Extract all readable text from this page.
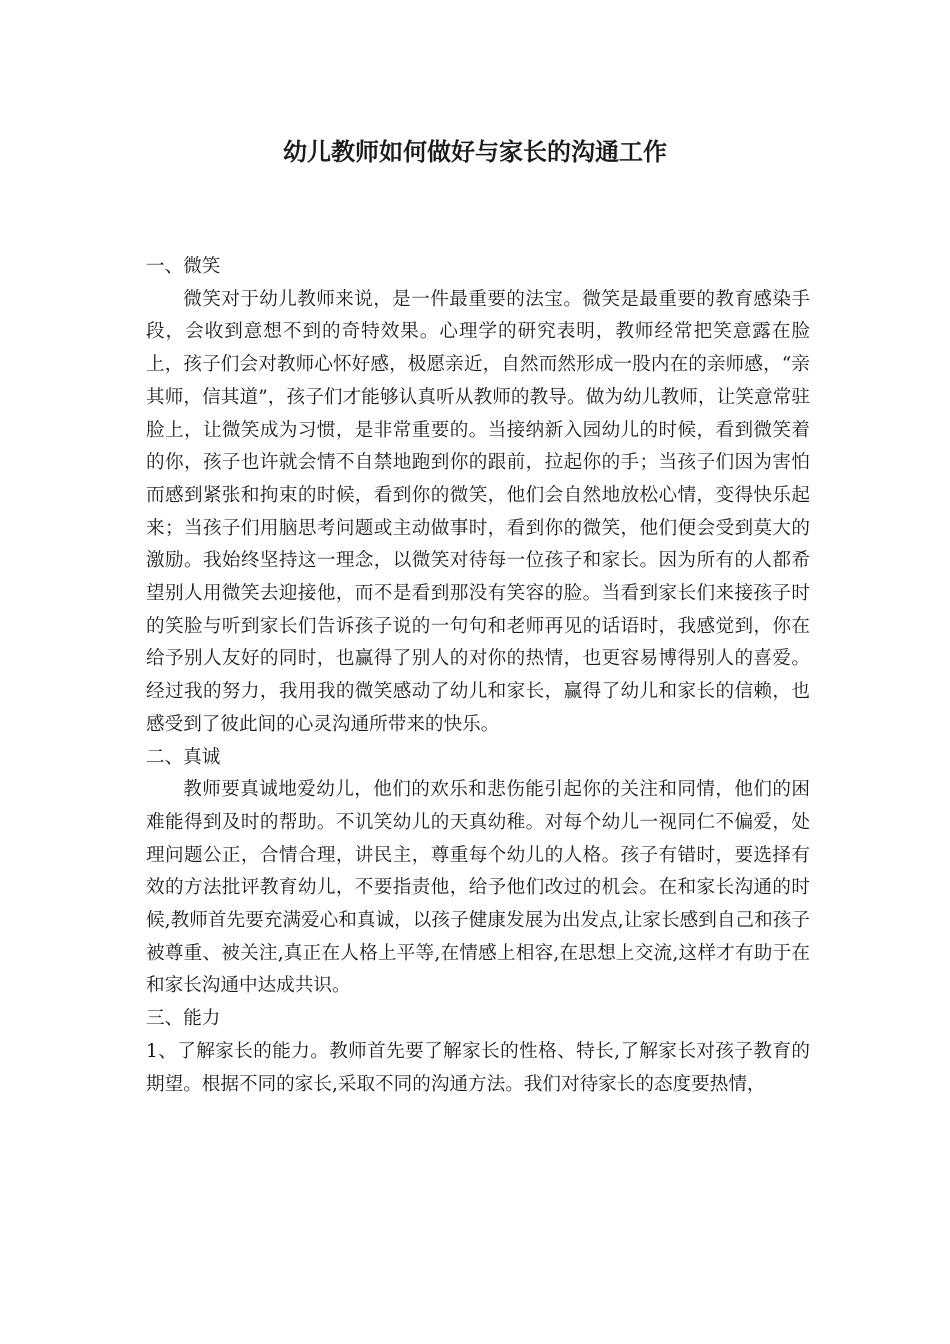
幼儿教师如何做好与家长的沟通工作

一、微笑

微笑对于幼儿教师来说，是一件最重要的法宝。微笑是最重要的教育感染手段，会收到意想不到的奇特效果。心理学的研究表明，教师经常把笑意露在脸上，孩子们会对教师心怀好感，极愿亲近，自然而然形成一股内在的亲师感，“亲其师，信其道”，孩子们才能够认真听从教师的教导。做为幼儿教师，让笑意常驻脸上，让微笑成为习惯，是非常重要的。当接纳新入园幼儿的时候，看到微笑着的你，孩子也许就会情不自禁地跑到你的跟前，拉起你的手；当孩子们因为害怕而感到紧张和拘束的时候，看到你的微笑，他们会自然地放松心情，变得快乐起来；当孩子们用脑思考问题或主动做事时，看到你的微笑，他们便会受到莫大的激励。我始终坚持这一理念，以微笑对待每一位孩子和家长。因为所有的人都希望别人用微笑去迎接他，而不是看到那没有笑容的脸。当看到家长们来接孩子时的笑脸与听到家长们告诉孩子说的一句句和老师再见的话语时，我感觉到，你在给予别人友好的同时，也赢得了别人的对你的热情，也更容易博得别人的喜爱。经过我的努力，我用我的微笑感动了幼儿和家长，赢得了幼儿和家长的信赖，也感受到了彼此间的心灵沟通所带来的快乐。

二、真诚

教师要真诚地爱幼儿，他们的欢乐和悲伤能引起你的关注和同情，他们的困　难能得到及时的帮助。不讥笑幼儿的天真幼稚。对每个幼儿一视同仁不偏爱，处理问题公正，合情合理，讲民主，尊重每个幼儿的人格。孩子有错时，要选择有效的方法批评教育幼儿，不要指责他，给予他们改过的机会。在和家长沟通的时候,教师首先要充满爱心和真诚，以孩子健康发展为出发点,让家长感到自己和孩子被尊重、被关注,真正在人格上平等,在情感上相容,在思想上交流,这样才有助于在和家长沟通中达成共识。

三、能力

1、了解家长的能力。教师首先要了解家长的性格、特长,了解家长对孩子教育的期望。根据不同的家长,采取不同的沟通方法。我们对待家长的态度要热情，
